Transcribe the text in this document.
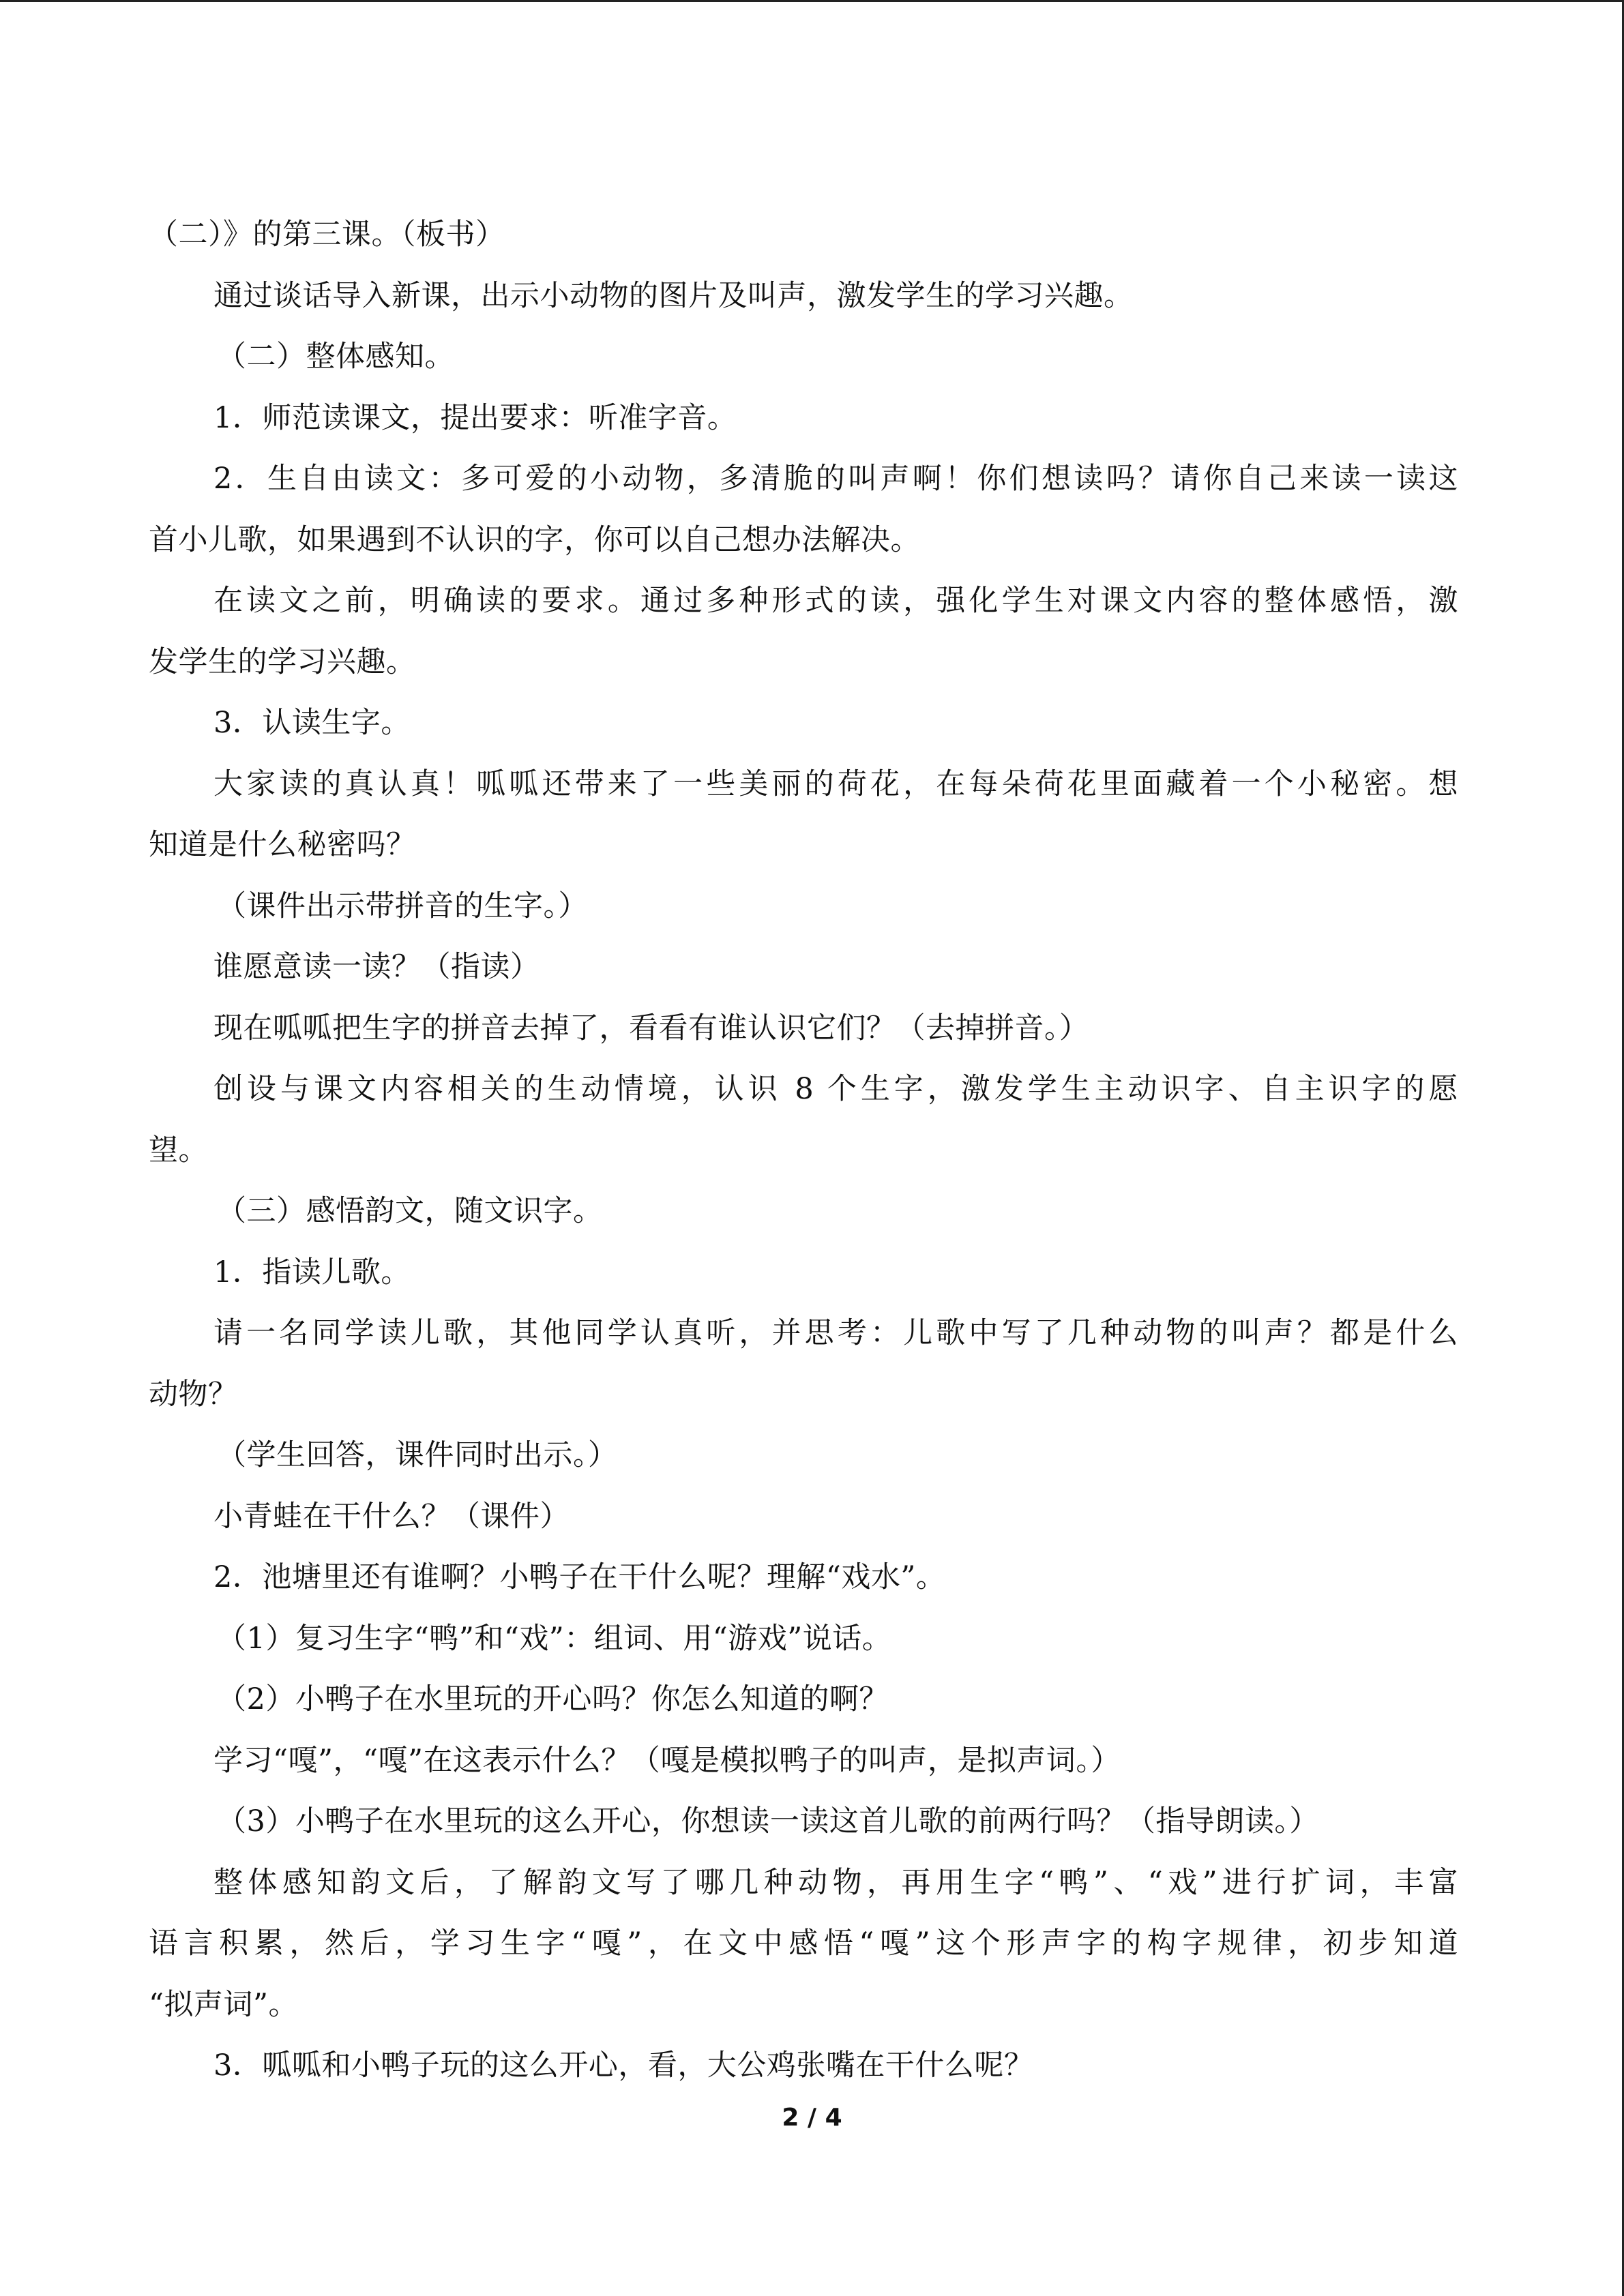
（二）》的第三课。（板书）
通过谈话导入新课，出示小动物的图片及叫声，激发学生的学习兴趣。
（二）整体感知。
1．师范读课文，提出要求：听准字音。
2．生自由读文：多可爱的小动物，多清脆的叫声啊！你们想读吗？请你自己来读一读这
首小儿歌，如果遇到不认识的字，你可以自己想办法解决。
在读文之前，明确读的要求。通过多种形式的读，强化学生对课文内容的整体感悟，激
发学生的学习兴趣。
3．认读生字。
大家读的真认真！呱呱还带来了一些美丽的荷花，在每朵荷花里面藏着一个小秘密。想
知道是什么秘密吗？
（课件出示带拼音的生字。）
谁愿意读一读？（指读）
现在呱呱把生字的拼音去掉了，看看有谁认识它们？（去掉拼音。）
创设与课文内容相关的生动情境，认识 8 个生字，激发学生主动识字、自主识字的愿
望。
（三）感悟韵文，随文识字。
1．指读儿歌。
请一名同学读儿歌，其他同学认真听，并思考：儿歌中写了几种动物的叫声？都是什么
动物？
（学生回答，课件同时出示。）
小青蛙在干什么？（课件）
2．池塘里还有谁啊？小鸭子在干什么呢？理解“戏水”。
（1）复习生字“鸭”和“戏”：组词、用“游戏”说话。
（2）小鸭子在水里玩的开心吗？你怎么知道的啊？
学习“嘎”，“嘎”在这表示什么？（嘎是模拟鸭子的叫声，是拟声词。）
（3）小鸭子在水里玩的这么开心，你想读一读这首儿歌的前两行吗？（指导朗读。）
整体感知韵文后，了解韵文写了哪几种动物，再用生字“鸭”、“戏”进行扩词，丰富
语言积累，然后，学习生字“嘎”，在文中感悟“嘎”这个形声字的构字规律，初步知道
“拟声词”。
3．呱呱和小鸭子玩的这么开心，看，大公鸡张嘴在干什么呢？
2 / 4
